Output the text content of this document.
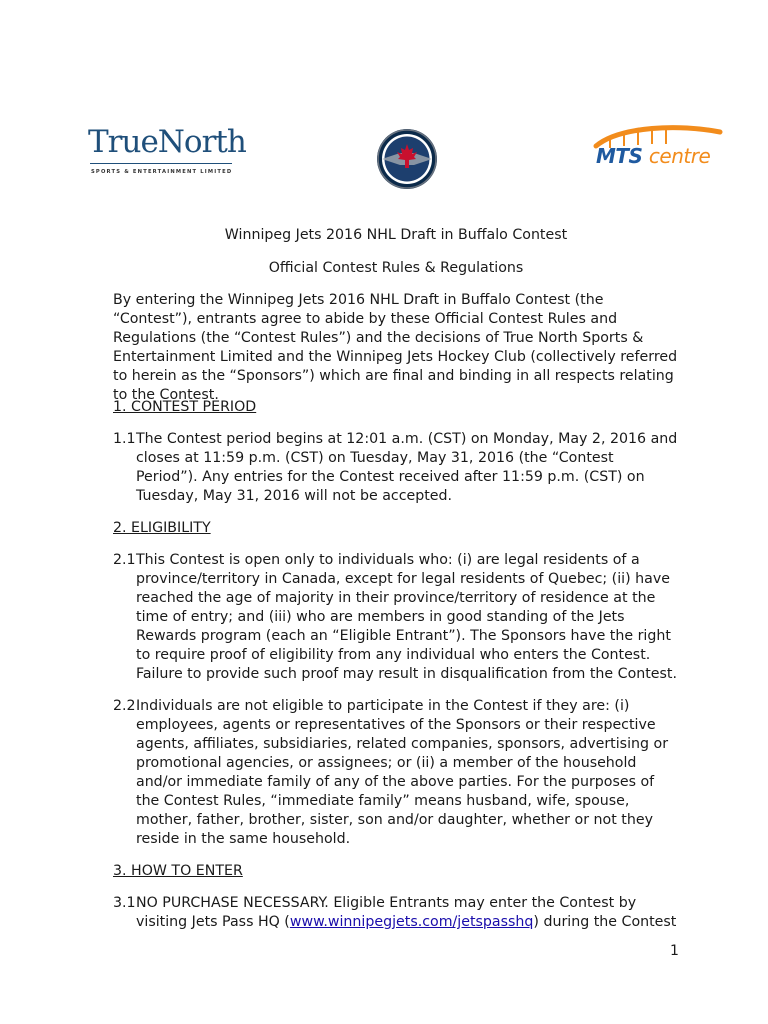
TrueNorth
SPORTS & ENTERTAINMENT LIMITED
MTS centre
Winnipeg Jets 2016 NHL Draft in Buffalo Contest
Official Contest Rules & Regulations
By entering the Winnipeg Jets 2016 NHL Draft in Buffalo Contest (the “Contest”), entrants agree to abide by these Official Contest Rules and Regulations (the “Contest Rules”) and the decisions of True North Sports & Entertainment Limited and the Winnipeg Jets Hockey Club (collectively referred to herein as the “Sponsors”) which are final and binding in all respects relating to the Contest.
1. CONTEST PERIOD
1.1 The Contest period begins at 12:01 a.m. (CST) on Monday, May 2, 2016 and closes at 11:59 p.m. (CST) on Tuesday, May 31, 2016 (the “Contest Period”). Any entries for the Contest received after 11:59 p.m. (CST) on Tuesday, May 31, 2016 will not be accepted.
2. ELIGIBILITY
2.1 This Contest is open only to individuals who: (i) are legal residents of a province/territory in Canada, except for legal residents of Quebec; (ii) have reached the age of majority in their province/territory of residence at the time of entry; and (iii) who are members in good standing of the Jets Rewards program (each an “Eligible Entrant”). The Sponsors have the right to require proof of eligibility from any individual who enters the Contest. Failure to provide such proof may result in disqualification from the Contest.
2.2 Individuals are not eligible to participate in the Contest if they are: (i) employees, agents or representatives of the Sponsors or their respective agents, affiliates, subsidiaries, related companies, sponsors, advertising or promotional agencies, or assignees; or (ii) a member of the household and/or immediate family of any of the above parties. For the purposes of the Contest Rules, “immediate family” means husband, wife, spouse, mother, father, brother, sister, son and/or daughter, whether or not they reside in the same household.
3. HOW TO ENTER
3.1 NO PURCHASE NECESSARY. Eligible Entrants may enter the Contest by visiting Jets Pass HQ (www.winnipegjets.com/jetspasshq) during the Contest
1
